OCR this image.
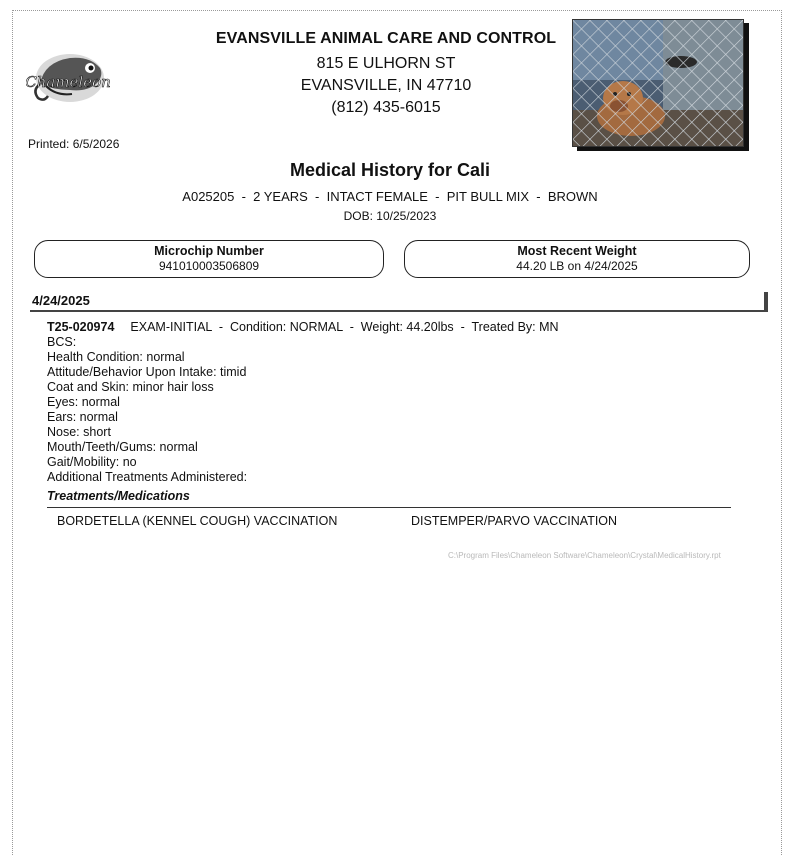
Chameleon
EVANSVILLE ANIMAL CARE AND CONTROL
815 E ULHORN ST
EVANSVILLE, IN 47710
(812) 435-6015
Printed: 6/5/2026
Medical History for Cali
A025205  -  2 YEARS  -  INTACT FEMALE  -  PIT BULL MIX  -  BROWN
DOB: 10/25/2023
Microchip Number
941010003506809
Most Recent Weight
44.20 LB on 4/24/2025
4/24/2025
T25-020974 EXAM-INITIAL  -  Condition: NORMAL  -  Weight: 44.20lbs  -  Treated By: MN
BCS:
Health Condition: normal
Attitude/Behavior Upon Intake: timid
Coat and Skin: minor hair loss
Eyes: normal
Ears: normal
Nose: short
Mouth/Teeth/Gums: normal
Gait/Mobility: no
Additional Treatments Administered:
Treatments/Medications
BORDETELLA (KENNEL COUGH) VACCINATION	DISTEMPER/PARVO VACCINATION
C:\Program Files\Chameleon Software\Chameleon\Crystal\MedicalHistory.rpt
